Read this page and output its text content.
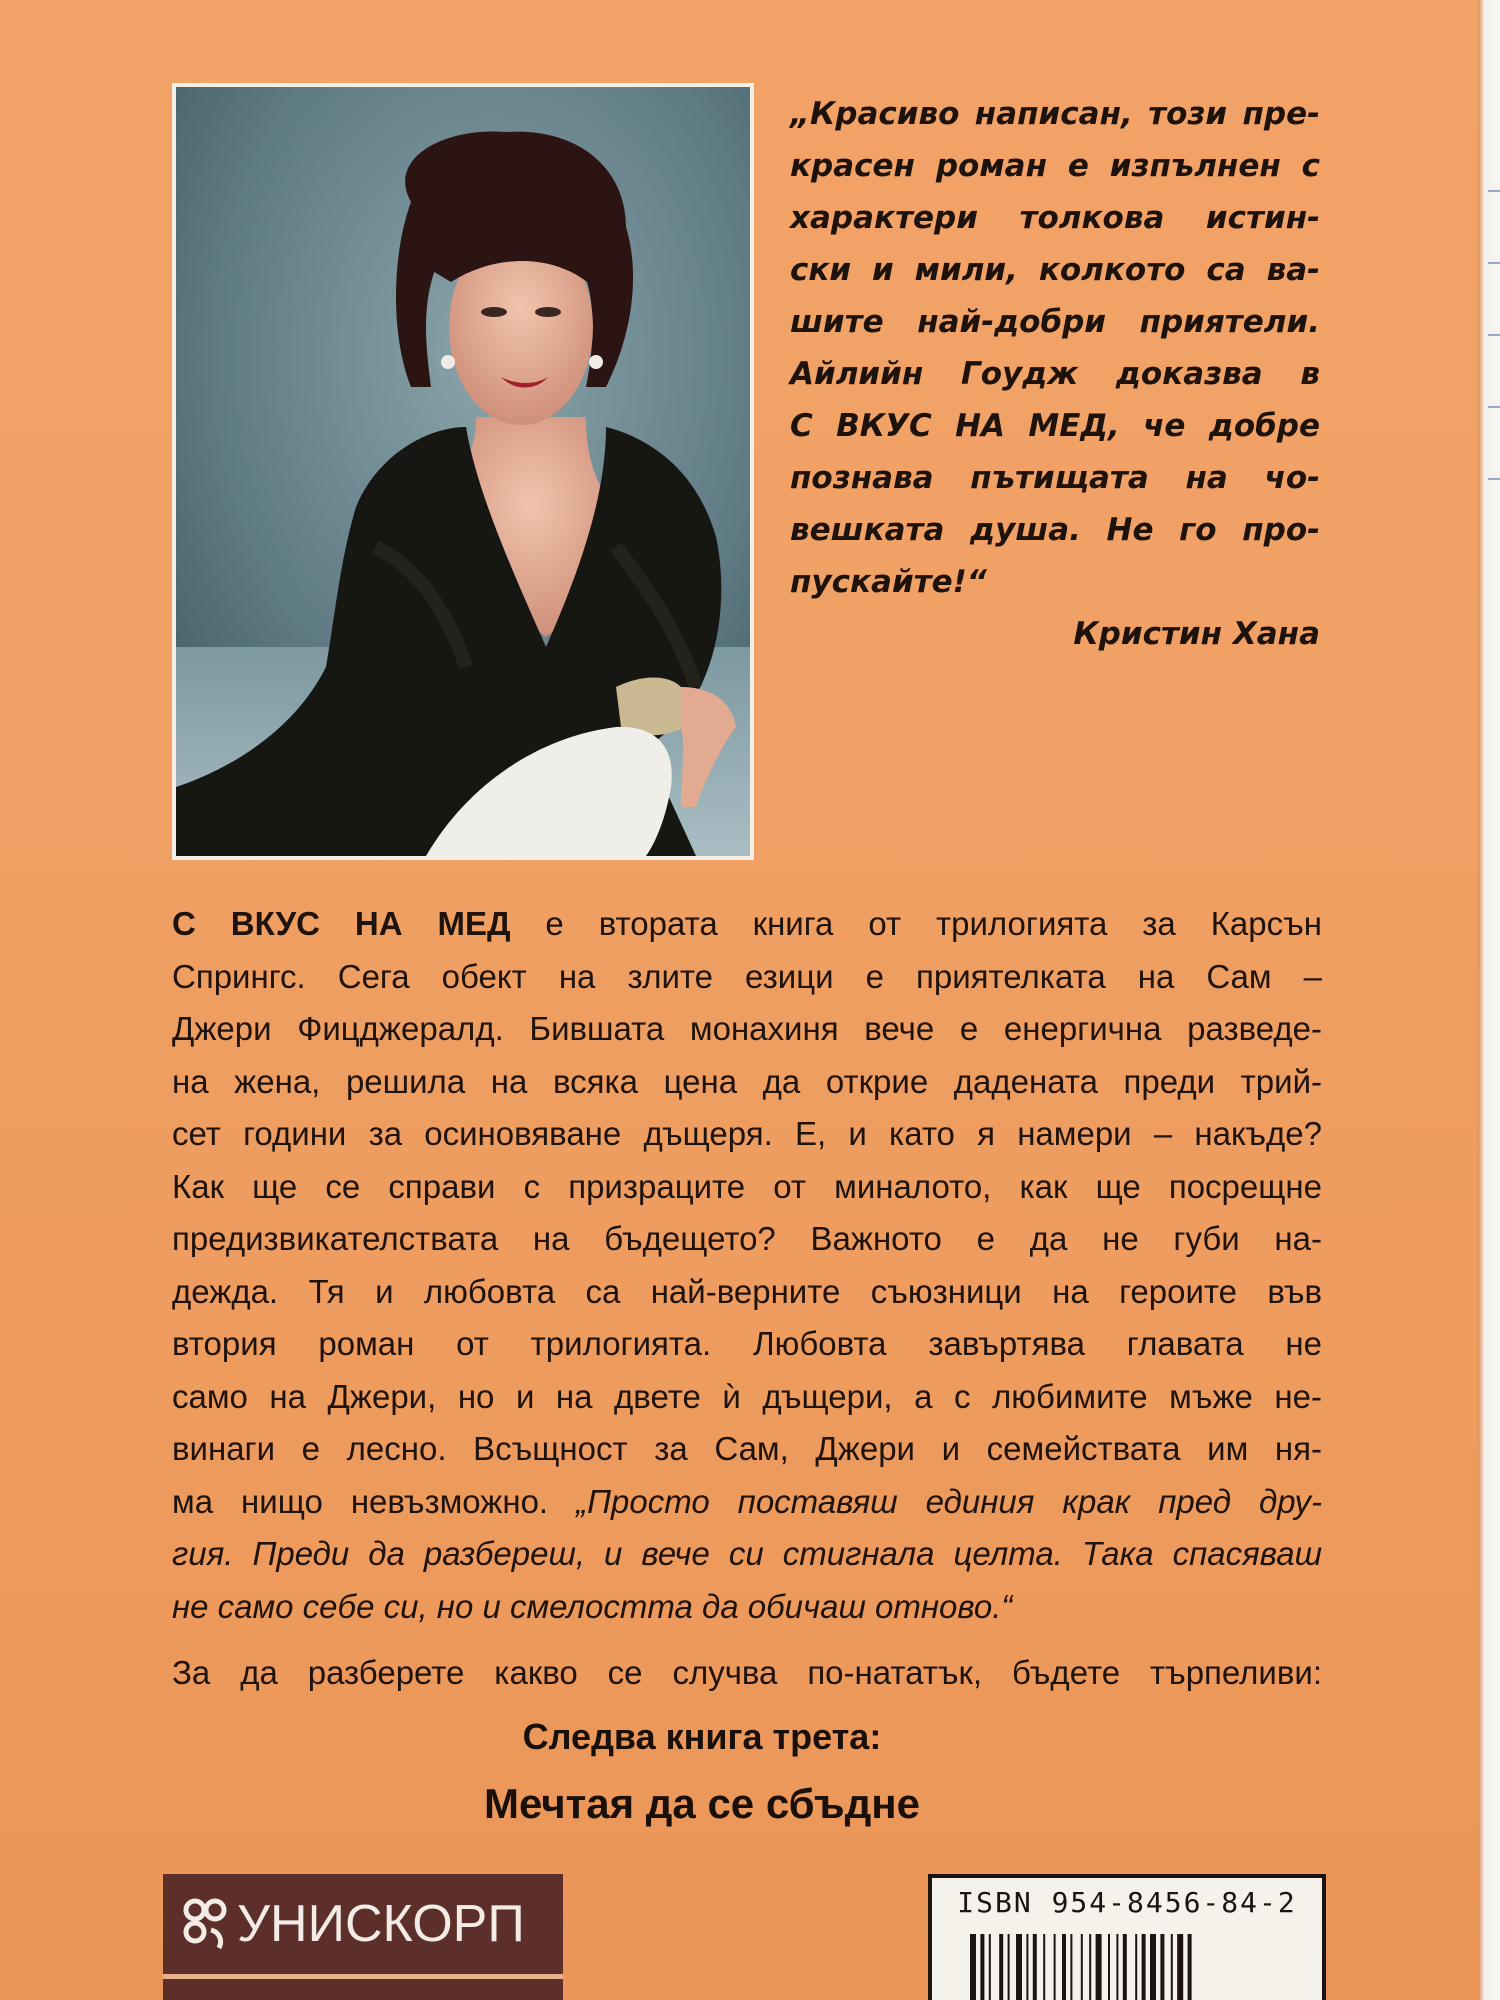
„Красиво написан, този пре-
красен роман е изпълнен с
характери толкова истин-
ски и мили, колкото са ва-
шите най-добри приятели.
Айлийн Гоудж доказва в
С ВКУС НА МЕД, че добре
познава пътищата на чо-
вешката душа. Не го про-
пускайте!“
Кристин Хана
С ВКУС НА МЕД е втората книга от трилогията за Карсън
Спрингс. Сега обект на злите езици е приятелката на Сам –
Джери Фицджералд. Бившата монахиня вече е енергична разведе-
на жена, решила на всяка цена да открие дадената преди трий-
сет години за осиновяване дъщеря. Е, и като я намери – накъде?
Как ще се справи с призраците от миналото, как ще посрещне
предизвикателствата на бъдещето? Важното е да не губи на-
дежда. Тя и любовта са най-верните съюзници на героите във
втория роман от трилогията. Любовта завъртява главата не
само на Джери, но и на двете ѝ дъщери, а с любимите мъже не-
винаги е лесно. Всъщност за Сам, Джери и семействата им ня-
ма нищо невъзможно. „Просто поставяш единия крак пред дру-
гия. Преди да разбереш, и вече си стигнала целта. Така спасяваш
не само себе си, но и смелостта да обичаш отново.“
За да разберете какво се случва по-нататък, бъдете търпеливи:
Следва книга трета:
Мечтая да се сбъдне
УНИСКОРП	ISBN 954-8456-84-2
